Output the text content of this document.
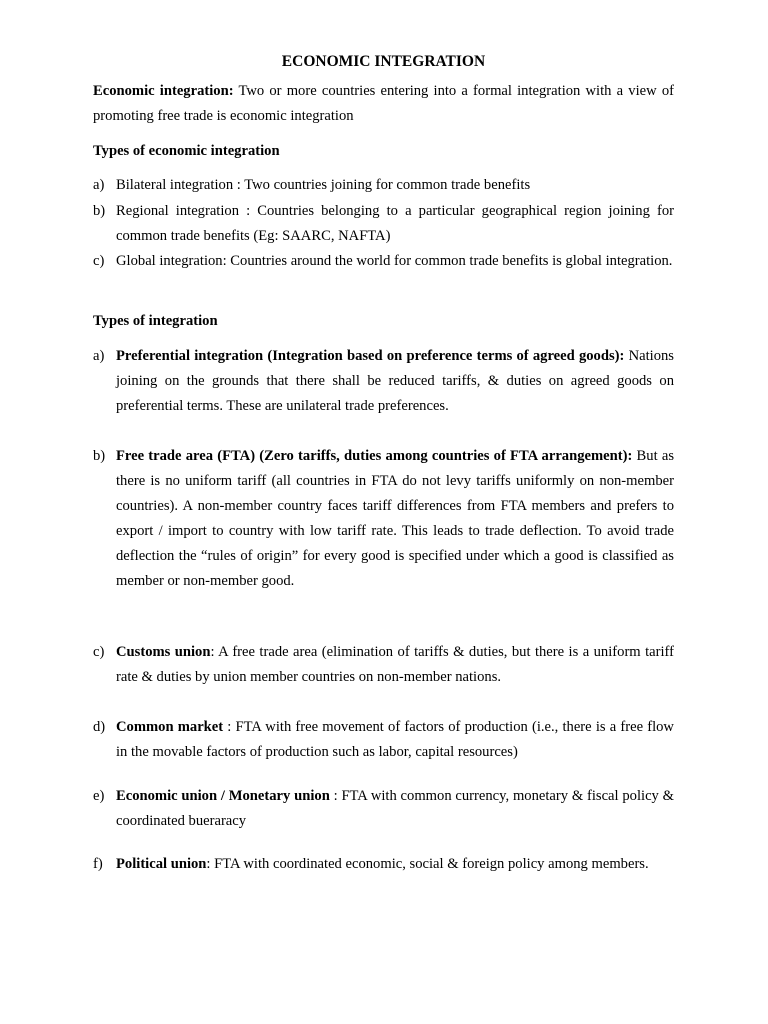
ECONOMIC INTEGRATION
Economic integration: Two or more countries entering into a formal integration with a view of promoting free trade is economic integration
Types of economic integration
a) Bilateral integration : Two countries joining for common trade benefits
b) Regional integration : Countries belonging to a particular geographical region joining for common trade benefits (Eg: SAARC, NAFTA)
c) Global integration: Countries around the world for common trade benefits is global integration.
Types of integration
a) Preferential integration (Integration based on preference terms of agreed goods): Nations joining on the grounds that there shall be reduced tariffs, & duties on agreed goods on preferential terms. These are unilateral trade preferences.
b) Free trade area (FTA) (Zero tariffs, duties among countries of FTA arrangement): But as there is no uniform tariff (all countries in FTA do not levy tariffs uniformly on non-member countries). A non-member country faces tariff differences from FTA members and prefers to export / import to country with low tariff rate. This leads to trade deflection. To avoid trade deflection the “rules of origin” for every good is specified under which a good is classified as member or non-member good.
c) Customs union: A free trade area (elimination of tariffs & duties, but there is a uniform tariff rate & duties by union member countries on non-member nations.
d) Common market : FTA with free movement of factors of production (i.e., there is a free flow in the movable factors of production such as labor, capital resources)
e) Economic union / Monetary union : FTA with common currency, monetary & fiscal policy & coordinated bueraracy
f) Political union: FTA with coordinated economic, social & foreign policy among members.
